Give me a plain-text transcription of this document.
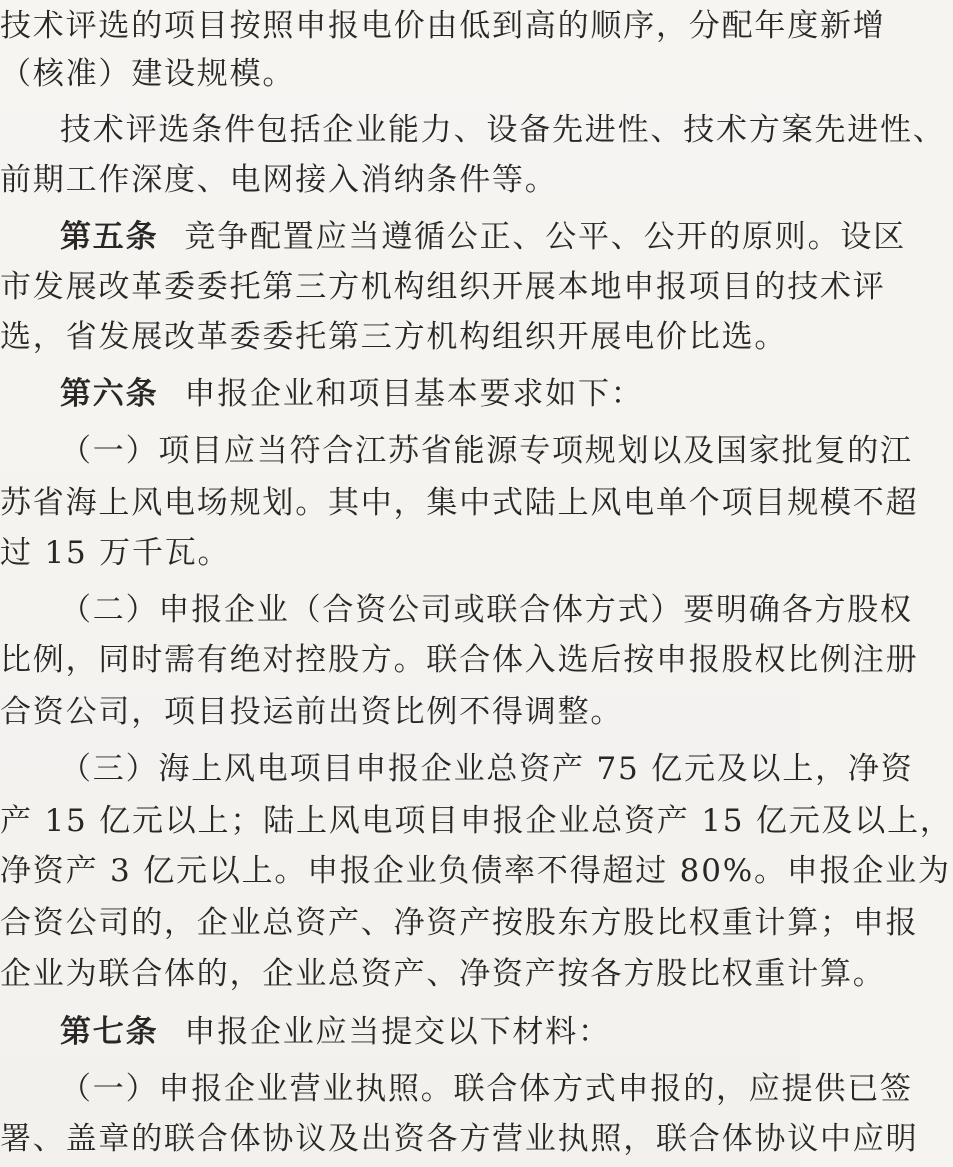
技术评选的项目按照申报电价由低到高的顺序，分配年度新增
（核准）建设规模。
技术评选条件包括企业能力、设备先进性、技术方案先进性、
前期工作深度、电网接入消纳条件等。
第五条 竞争配置应当遵循公正、公平、公开的原则。设区
市发展改革委委托第三方机构组织开展本地申报项目的技术评
选，省发展改革委委托第三方机构组织开展电价比选。
第六条 申报企业和项目基本要求如下：
（一）项目应当符合江苏省能源专项规划以及国家批复的江
苏省海上风电场规划。其中，集中式陆上风电单个项目规模不超
过 15 万千瓦。
（二）申报企业（合资公司或联合体方式）要明确各方股权
比例，同时需有绝对控股方。联合体入选后按申报股权比例注册
合资公司，项目投运前出资比例不得调整。
（三）海上风电项目申报企业总资产 75 亿元及以上，净资
产 15 亿元以上；陆上风电项目申报企业总资产 15 亿元及以上，
净资产 3 亿元以上。申报企业负债率不得超过 80%。申报企业为
合资公司的，企业总资产、净资产按股东方股比权重计算；申报
企业为联合体的，企业总资产、净资产按各方股比权重计算。
第七条 申报企业应当提交以下材料：
（一）申报企业营业执照。联合体方式申报的，应提供已签
署、盖章的联合体协议及出资各方营业执照，联合体协议中应明
